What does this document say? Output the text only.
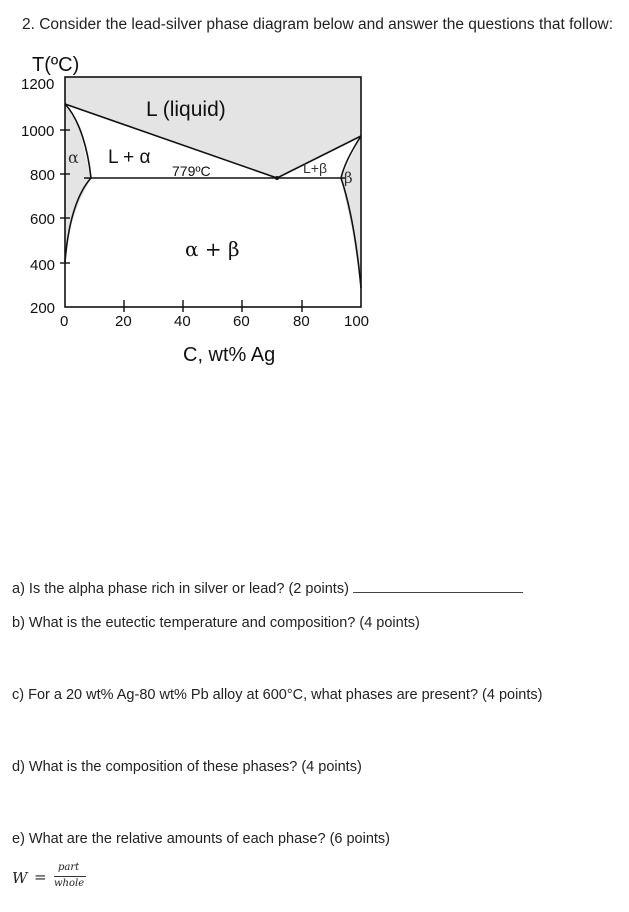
2. Consider the lead-silver phase diagram below and answer the questions that follow:
T(ºC)
C, wt% Ag
1200
1000
800
600
400
200
0	20	40	60	80 100
L (liquid)
L + α
α
α + β
L+β
β
779ºC
a) Is the alpha phase rich in silver or lead? (2 points)
b) What is the eutectic temperature and composition? (4 points)
c) For a 20 wt% Ag-80 wt% Pb alloy at 600°C, what phases are present? (4 points)
d) What is the composition of these phases? (4 points)
e) What are the relative amounts of each phase? (6 points)
W =
part
whole
